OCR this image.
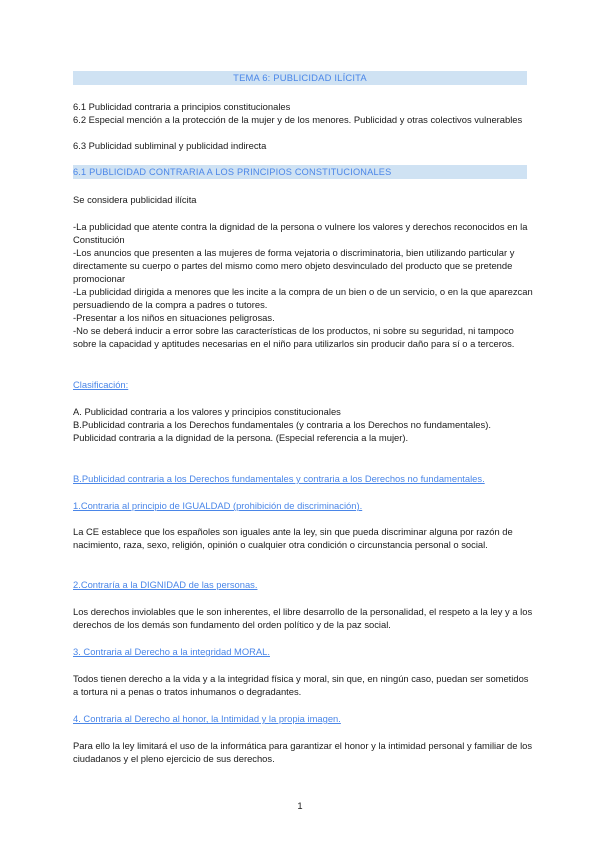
TEMA 6: PUBLICIDAD ILÍCITA
6.1 Publicidad contraria a principios constitucionales
6.2 Especial mención a la protección de la mujer y de los menores. Publicidad y otras colectivos vulnerables
6.3 Publicidad subliminal y publicidad indirecta
6.1 PUBLICIDAD CONTRARIA A LOS PRINCIPIOS CONSTITUCIONALES
Se considera publicidad ilícita
-La publicidad que atente contra la dignidad de la persona o vulnere los valores y derechos reconocidos en la Constitución
-Los anuncios que presenten a las mujeres de forma vejatoria o discriminatoria, bien utilizando particular y directamente su cuerpo o partes del mismo como mero objeto desvinculado del producto que se pretende promocionar
-La publicidad dirigida a menores que les incite a la compra de un bien o de un servicio, o en la que aparezcan persuadiendo de la compra a padres o tutores.
-Presentar a los niños en situaciones peligrosas.
-No se deberá inducir a error sobre las características de los productos, ni sobre su seguridad, ni tampoco sobre la capacidad y aptitudes necesarias en el niño para utilizarlos sin producir daño para sí o a terceros.
Clasificación:
A. Publicidad contraria a los valores y principios constitucionales
B.Publicidad contraria a los Derechos fundamentales (y contraria a los Derechos no fundamentales).
Publicidad contraria a la dignidad de la persona. (Especial referencia a la mujer).
B.Publicidad contraria a los Derechos fundamentales y contraria a los Derechos no fundamentales.
1.Contraria al principio de IGUALDAD (prohibición de discriminación).
La CE establece que los españoles son iguales ante la ley, sin que pueda discriminar alguna por razón de nacimiento, raza, sexo, religión, opinión o cualquier otra condición o circunstancia personal o social.
2.Contraría a la DIGNIDAD de las personas.
Los derechos inviolables que le son inherentes, el libre desarrollo de la personalidad, el respeto a la ley y a los derechos de los demás son fundamento del orden político y de la paz social.
3. Contraria al Derecho a la integridad MORAL.
Todos tienen derecho a la vida y a la integridad física y moral, sin que, en ningún caso, puedan ser sometidos a tortura ni a penas o tratos inhumanos o degradantes.
4. Contraria al Derecho al honor, la Intimidad y la propia imagen.
Para ello la ley limitará el uso de la informática para garantizar el honor y la intimidad personal y familiar de los ciudadanos y el pleno ejercicio de sus derechos.
1
